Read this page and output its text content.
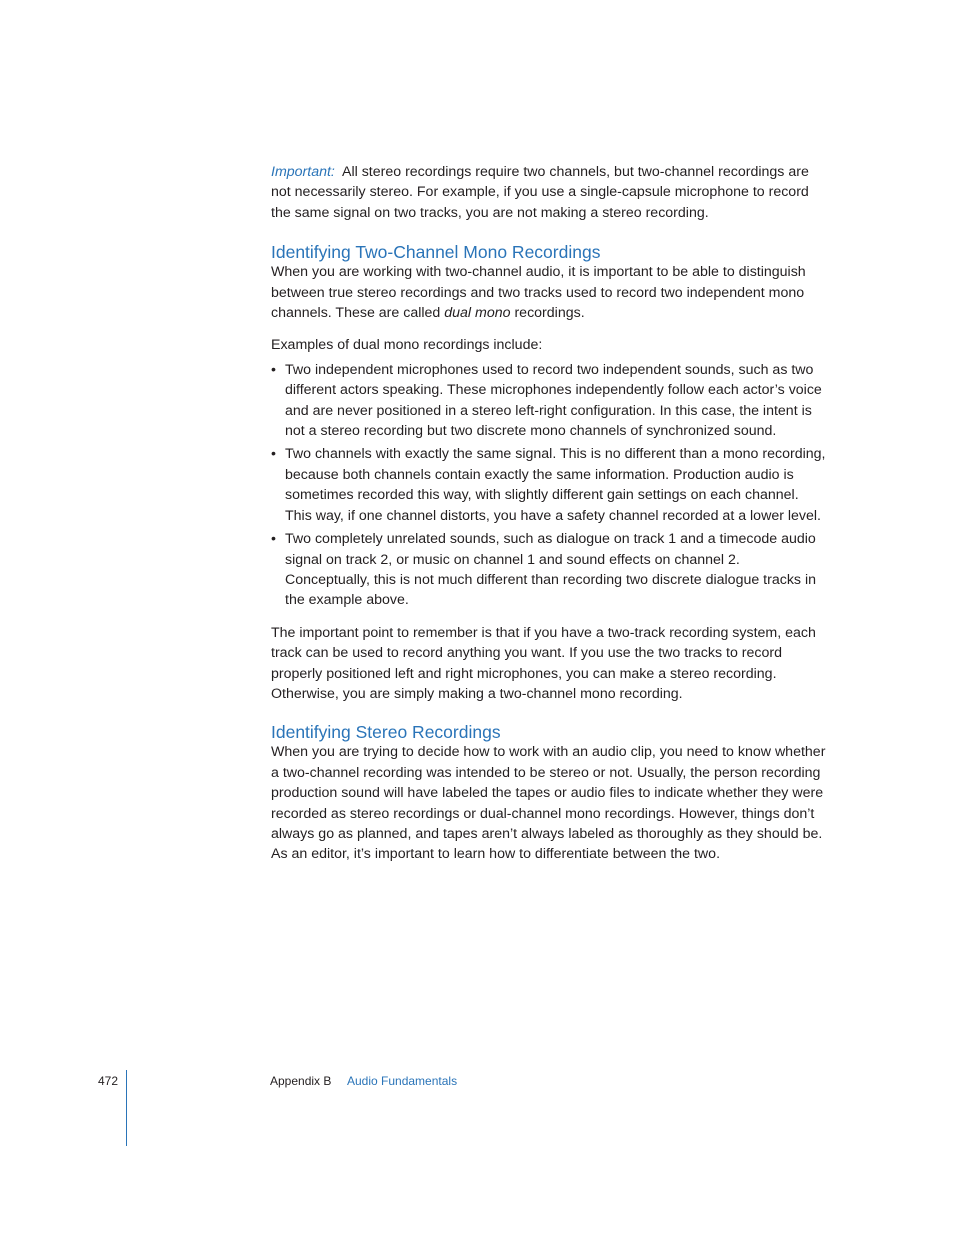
Important: All stereo recordings require two channels, but two-channel recordings are not necessarily stereo. For example, if you use a single-capsule microphone to record the same signal on two tracks, you are not making a stereo recording.

Identifying Two-Channel Mono Recordings

When you are working with two-channel audio, it is important to be able to distinguish between true stereo recordings and two tracks used to record two independent mono channels. These are called dual mono recordings.

Examples of dual mono recordings include:

• Two independent microphones used to record two independent sounds, such as two different actors speaking. These microphones independently follow each actor’s voice and are never positioned in a stereo left-right configuration. In this case, the intent is not a stereo recording but two discrete mono channels of synchronized sound.
• Two channels with exactly the same signal. This is no different than a mono recording, because both channels contain exactly the same information. Production audio is sometimes recorded this way, with slightly different gain settings on each channel. This way, if one channel distorts, you have a safety channel recorded at a lower level.
• Two completely unrelated sounds, such as dialogue on track 1 and a timecode audio signal on track 2, or music on channel 1 and sound effects on channel 2. Conceptually, this is not much different than recording two discrete dialogue tracks in the example above.

The important point to remember is that if you have a two-track recording system, each track can be used to record anything you want. If you use the two tracks to record properly positioned left and right microphones, you can make a stereo recording. Otherwise, you are simply making a two-channel mono recording.

Identifying Stereo Recordings

When you are trying to decide how to work with an audio clip, you need to know whether a two-channel recording was intended to be stereo or not. Usually, the person recording production sound will have labeled the tapes or audio files to indicate whether they were recorded as stereo recordings or dual-channel mono recordings. However, things don’t always go as planned, and tapes aren’t always labeled as thoroughly as they should be. As an editor, it’s important to learn how to differentiate between the two.

472	Appendix B Audio Fundamentals
